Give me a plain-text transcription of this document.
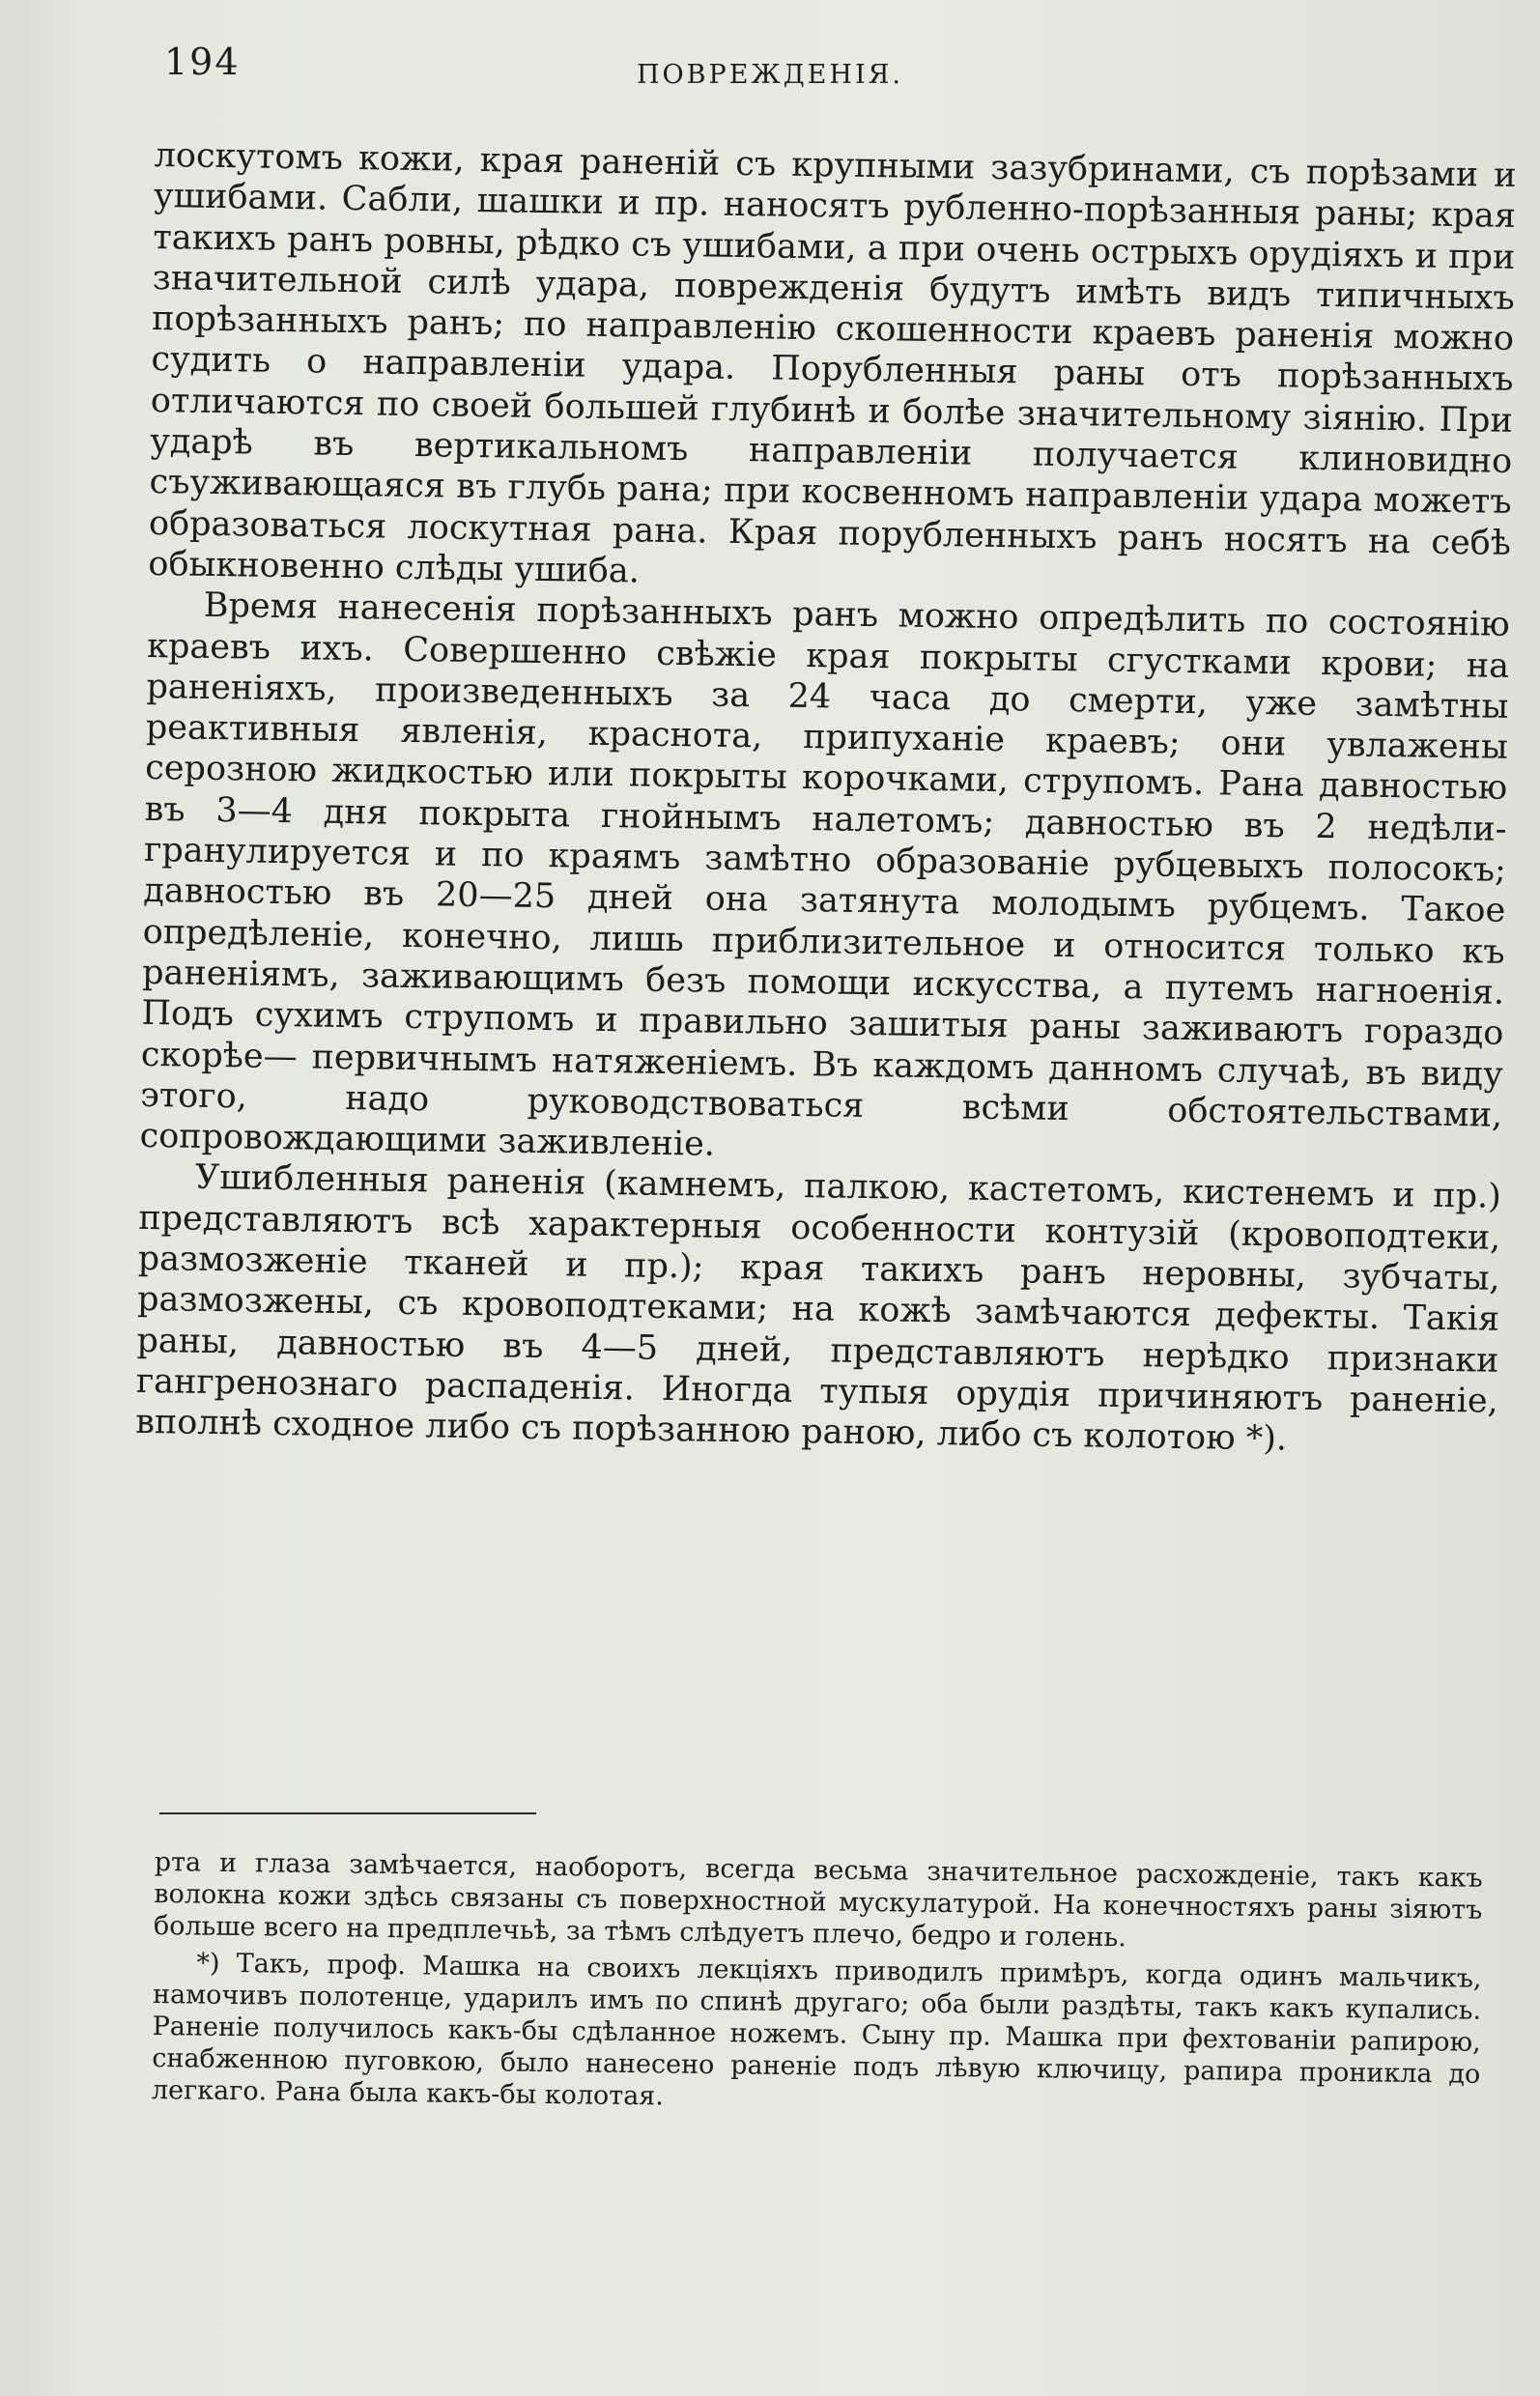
194	ПОВРЕЖДЕНІЯ.

лоскутомъ кожи, края раненій съ крупными зазубринами, съ порѣзами и ушибами. Сабли, шашки и пр. наносятъ рубленно-порѣзанныя раны; края такихъ ранъ ровны, рѣдко съ ушибами, а при очень острыхъ орудіяхъ и при значительной силѣ удара, поврежденія будутъ имѣть видъ типичныхъ порѣзанныхъ ранъ; по направленію скошенности краевъ раненія можно судить о направленіи удара. Порубленныя раны отъ порѣзанныхъ отличаются по своей большей глубинѣ и болѣе значительному зіянію. При ударѣ въ вертикальномъ направленіи получается клиновидно съуживающаяся въ глубь рана; при косвенномъ направленіи удара можетъ образоваться лоскутная рана. Края порубленныхъ ранъ носятъ на себѣ обыкновенно слѣды ушиба.

Время нанесенія порѣзанныхъ ранъ можно опредѣлить по состоянію краевъ ихъ. Совершенно свѣжіе края покрыты сгустками крови; на раненіяхъ, произведенныхъ за 24 часа до смерти, уже замѣтны реактивныя явленія, краснота, припуханіе краевъ; они увлажены серозною жидкостью или покрыты корочками, струпомъ. Рана давностью въ 3—4 дня покрыта гнойнымъ налетомъ; давностью въ 2 недѣли-гранулируется и по краямъ замѣтно образованіе рубцевыхъ полосокъ; давностью въ 20—25 дней она затянута молодымъ рубцемъ. Такое опредѣленіе, конечно, лишь приблизительное и относится только къ раненіямъ, заживающимъ безъ помощи искусства, а путемъ нагноенія. Подъ сухимъ струпомъ и правильно зашитыя раны заживаютъ гораздо скорѣе— первичнымъ натяженіемъ. Въ каждомъ данномъ случаѣ, въ виду этого, надо руководствоваться всѣми обстоятельствами, сопровождающими заживленіе.

Ушибленныя раненія (камнемъ, палкою, кастетомъ, кистенемъ и пр.) представляютъ всѣ характерныя особенности контузій (кровоподтеки, размозженіе тканей и пр.); края такихъ ранъ неровны, зубчаты, размозжены, съ кровоподтеками; на кожѣ замѣчаются дефекты. Такія раны, давностью въ 4—5 дней, представляютъ нерѣдко признаки гангренознаго распаденія. Иногда тупыя орудія причиняютъ раненіе, вполнѣ сходное либо съ порѣзанною раною, либо съ колотою *).

рта и глаза замѣчается, наоборотъ, всегда весьма значительное расхожденіе, такъ какъ волокна кожи здѣсь связаны съ поверхностной мускулатурой. На конечностяхъ раны зіяютъ больше всего на предплечьѣ, за тѣмъ слѣдуетъ плечо, бедро и голень.

*) Такъ, проф. Машка на своихъ лекціяхъ приводилъ примѣръ, когда одинъ мальчикъ, намочивъ полотенце, ударилъ имъ по спинѣ другаго; оба были раздѣты, такъ какъ купались. Раненіе получилось какъ-бы сдѣланное ножемъ. Сыну пр. Машка при фехтованіи рапирою, снабженною пуговкою, было нанесено раненіе подъ лѣвую ключицу, рапира проникла до легкаго. Рана была какъ-бы колотая.
